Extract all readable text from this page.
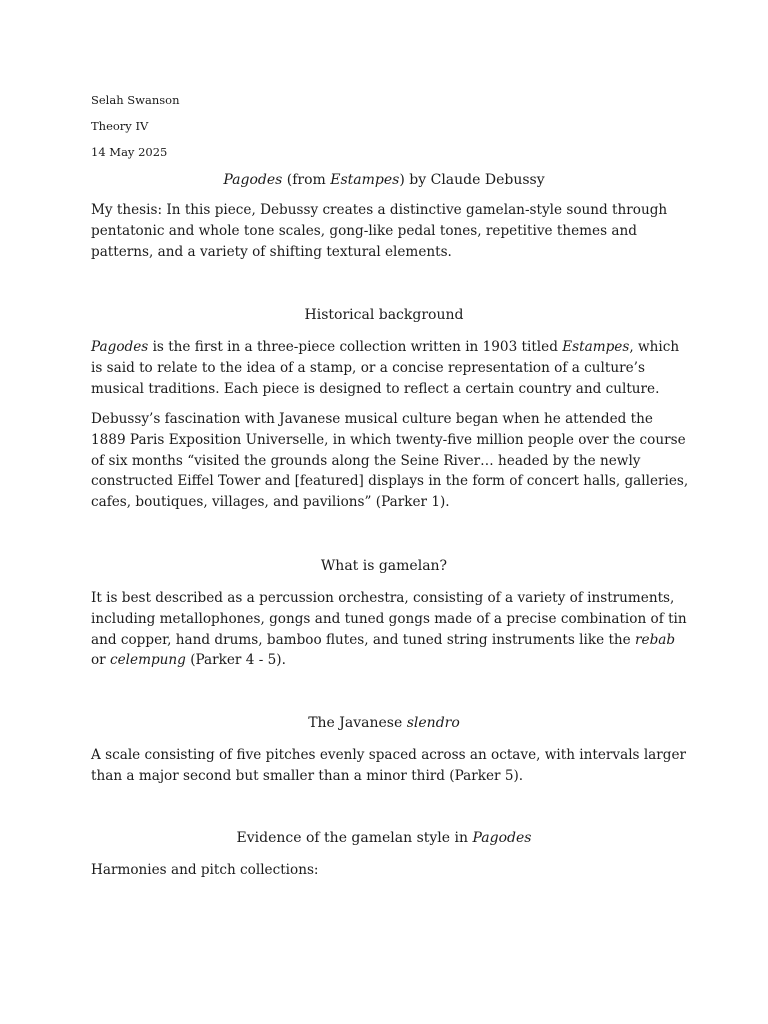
Selah Swanson

Theory IV

14 May 2025

Pagodes (from Estampes) by Claude Debussy

My thesis: In this piece, Debussy creates a distinctive gamelan-style sound through pentatonic and whole tone scales, gong-like pedal tones, repetitive themes and patterns, and a variety of shifting textural elements.

Historical background

Pagodes is the first in a three-piece collection written in 1903 titled Estampes, which is said to relate to the idea of a stamp, or a concise representation of a culture’s musical traditions. Each piece is designed to reflect a certain country and culture.

Debussy’s fascination with Javanese musical culture began when he attended the 1889 Paris Exposition Universelle, in which twenty-five million people over the course of six months “visited the grounds along the Seine River… headed by the newly constructed Eiffel Tower and [featured] displays in the form of concert halls, galleries, cafes, boutiques, villages, and pavilions” (Parker 1).

What is gamelan?

It is best described as a percussion orchestra, consisting of a variety of instruments, including metallophones, gongs and tuned gongs made of a precise combination of tin and copper, hand drums, bamboo flutes, and tuned string instruments like the rebab or celempung (Parker 4 - 5).

The Javanese slendro

A scale consisting of five pitches evenly spaced across an octave, with intervals larger than a major second but smaller than a minor third (Parker 5).

Evidence of the gamelan style in Pagodes

Harmonies and pitch collections:
